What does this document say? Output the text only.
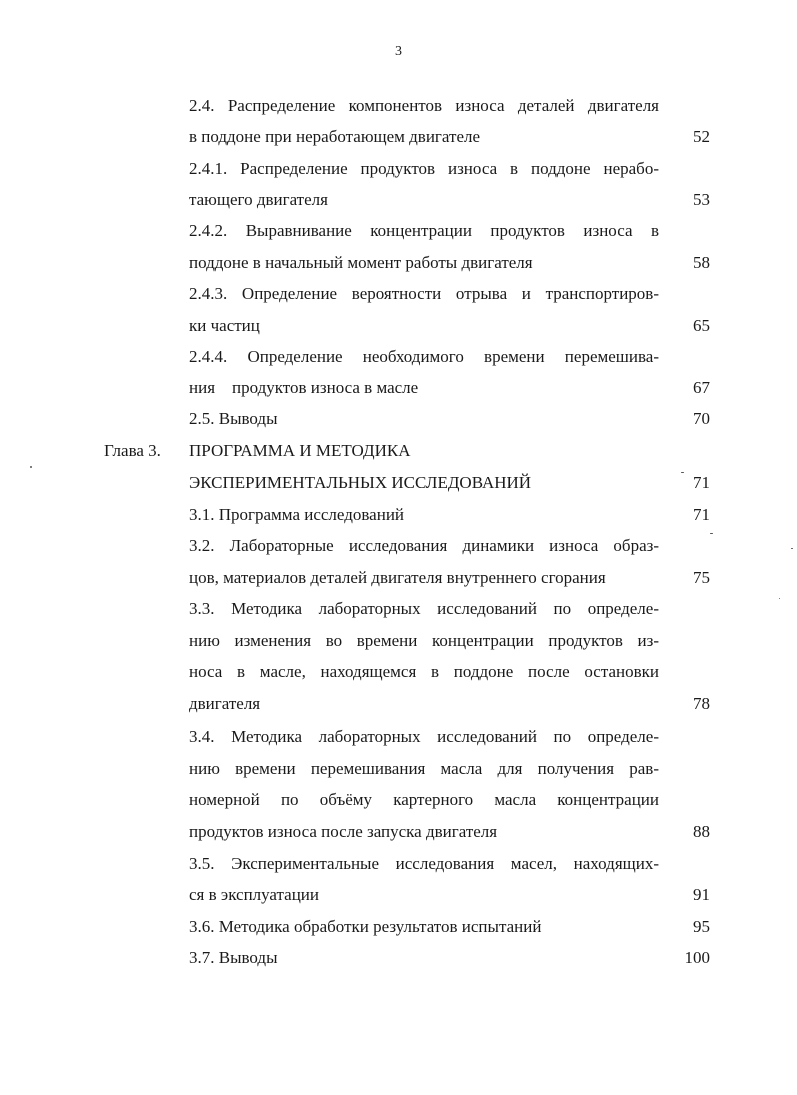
3
2.4. Распределение компонентов износа деталей двигателя
в поддоне при неработающем двигателе	52
2.4.1. Распределение продуктов износа в поддоне нерабо-
тающего двигателя	53
2.4.2. Выравнивание концентрации продуктов износа в
поддоне в начальный момент работы двигателя	58
2.4.3. Определение вероятности отрыва и транспортиров-
ки частиц	65
2.4.4. Определение необходимого времени перемешива-
ния    продуктов износа в масле	67
2.5. Выводы	70
Глава 3. ПРОГРАММА И МЕТОДИКА
ЭКСПЕРИМЕНТАЛЬНЫХ ИССЛЕДОВАНИЙ	71
3.1. Программа исследований	71
3.2. Лабораторные исследования динамики износа образ-
цов, материалов деталей двигателя внутреннего сгорания	75
3.3. Методика лабораторных исследований по определе-
нию изменения во времени концентрации продуктов из-
носа в масле, находящемся в поддоне после остановки
двигателя	78
3.4. Методика лабораторных исследований по определе-
нию времени перемешивания масла для получения рав-
номерной по объёму картерного масла концентрации
продуктов износа после запуска двигателя	88
3.5. Экспериментальные исследования масел, находящих-
ся в эксплуатации	91
3.6. Методика обработки результатов испытаний	95
3.7. Выводы	100
